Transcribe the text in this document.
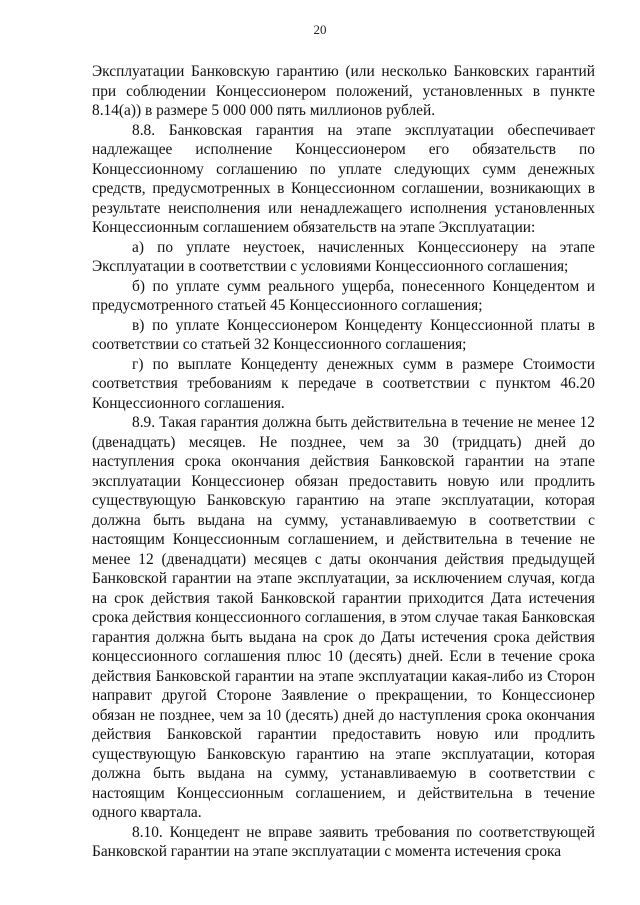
20

Эксплуатации Банковскую гарантию (или несколько Банковских гарантий при соблюдении Концессионером положений, установленных в пункте 8.14(а)) в размере 5 000 000 пять миллионов рублей.

8.8. Банковская гарантия на этапе эксплуатации обеспечивает надлежащее исполнение Концессионером его обязательств по Концессионному соглашению по уплате следующих сумм денежных средств, предусмотренных в Концессионном соглашении, возникающих в результате неисполнения или ненадлежащего исполнения установленных Концессионным соглашением обязательств на этапе Эксплуатации:

а) по уплате неустоек, начисленных Концессионеру на этапе Эксплуатации в соответствии с условиями Концессионного соглашения;

б) по уплате сумм реального ущерба, понесенного Концедентом и предусмотренного статьей 45 Концессионного соглашения;

в) по уплате Концессионером Концеденту Концессионной платы в соответствии со статьей 32 Концессионного соглашения;

г) по выплате Концеденту денежных сумм в размере Стоимости соответствия требованиям к передаче в соответствии с пунктом 46.20 Концессионного соглашения.

8.9. Такая гарантия должна быть действительна в течение не менее 12 (двенадцать) месяцев. Не позднее, чем за 30 (тридцать) дней до наступления срока окончания действия Банковской гарантии на этапе эксплуатации Концессионер обязан предоставить новую или продлить существующую Банковскую гарантию на этапе эксплуатации, которая должна быть выдана на сумму, устанавливаемую в соответствии с настоящим Концессионным соглашением, и действительна в течение не менее 12 (двенадцати) месяцев с даты окончания действия предыдущей Банковской гарантии на этапе эксплуатации, за исключением случая, когда на срок действия такой Банковской гарантии приходится Дата истечения срока действия концессионного соглашения, в этом случае такая Банковская гарантия должна быть выдана на срок до Даты истечения срока действия концессионного соглашения плюс 10 (десять) дней. Если в течение срока действия Банковской гарантии на этапе эксплуатации какая-либо из Сторон направит другой Стороне Заявление о прекращении, то Концессионер обязан не позднее, чем за 10 (десять) дней до наступления срока окончания действия Банковской гарантии предоставить новую или продлить существующую Банковскую гарантию на этапе эксплуатации, которая должна быть выдана на сумму, устанавливаемую в соответствии с настоящим Концессионным соглашением, и действительна в течение одного квартала.

8.10. Концедент не вправе заявить требования по соответствующей Банковской гарантии на этапе эксплуатации с момента истечения срока
